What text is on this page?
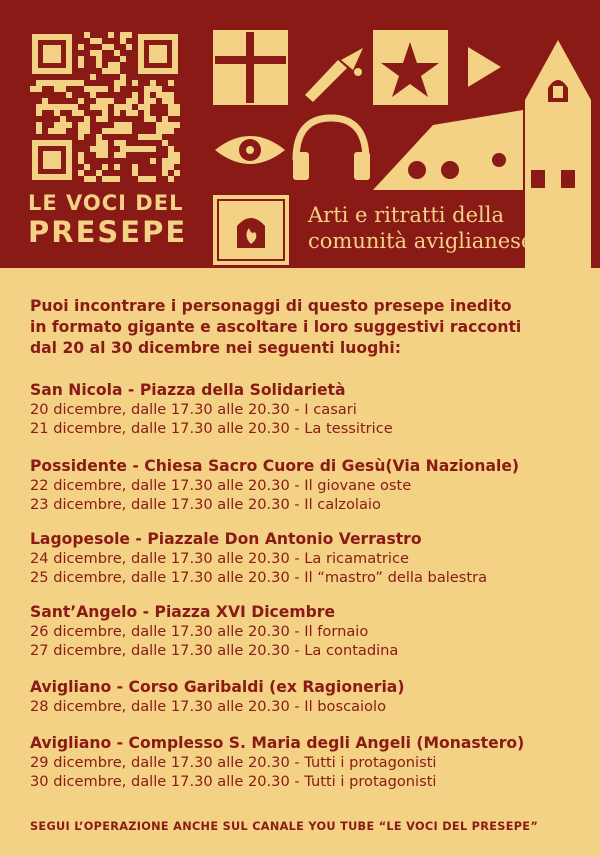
LE VOCI DEL
PRESEPE	Arti e ritratti della
comunità aviglianese
Puoi incontrare i personaggi di questo presepe inedito
in formato gigante e ascoltare i loro suggestivi racconti
dal 20 al 30 dicembre nei seguenti luoghi:
San Nicola - Piazza della Solidarietà
20 dicembre, dalle 17.30 alle 20.30 - I casari
21 dicembre, dalle 17.30 alle 20.30 - La tessitrice
Possidente - Chiesa Sacro Cuore di Gesù(Via Nazionale)
22 dicembre, dalle 17.30 alle 20.30 - Il giovane oste
23 dicembre, dalle 17.30 alle 20.30 - Il calzolaio
Lagopesole - Piazzale Don Antonio Verrastro
24 dicembre, dalle 17.30 alle 20.30 - La ricamatrice
25 dicembre, dalle 17.30 alle 20.30 - Il “mastro” della balestra
Sant’Angelo - Piazza XVI Dicembre
26 dicembre, dalle 17.30 alle 20.30 - Il fornaio
27 dicembre, dalle 17.30 alle 20.30 - La contadina
Avigliano - Corso Garibaldi (ex Ragioneria)
28 dicembre, dalle 17.30 alle 20.30 - Il boscaiolo
Avigliano - Complesso S. Maria degli Angeli (Monastero)
29 dicembre, dalle 17.30 alle 20.30 - Tutti i protagonisti
30 dicembre, dalle 17.30 alle 20.30 - Tutti i protagonisti
SEGUI L’OPERAZIONE ANCHE SUL CANALE YOU TUBE “LE VOCI DEL PRESEPE”
